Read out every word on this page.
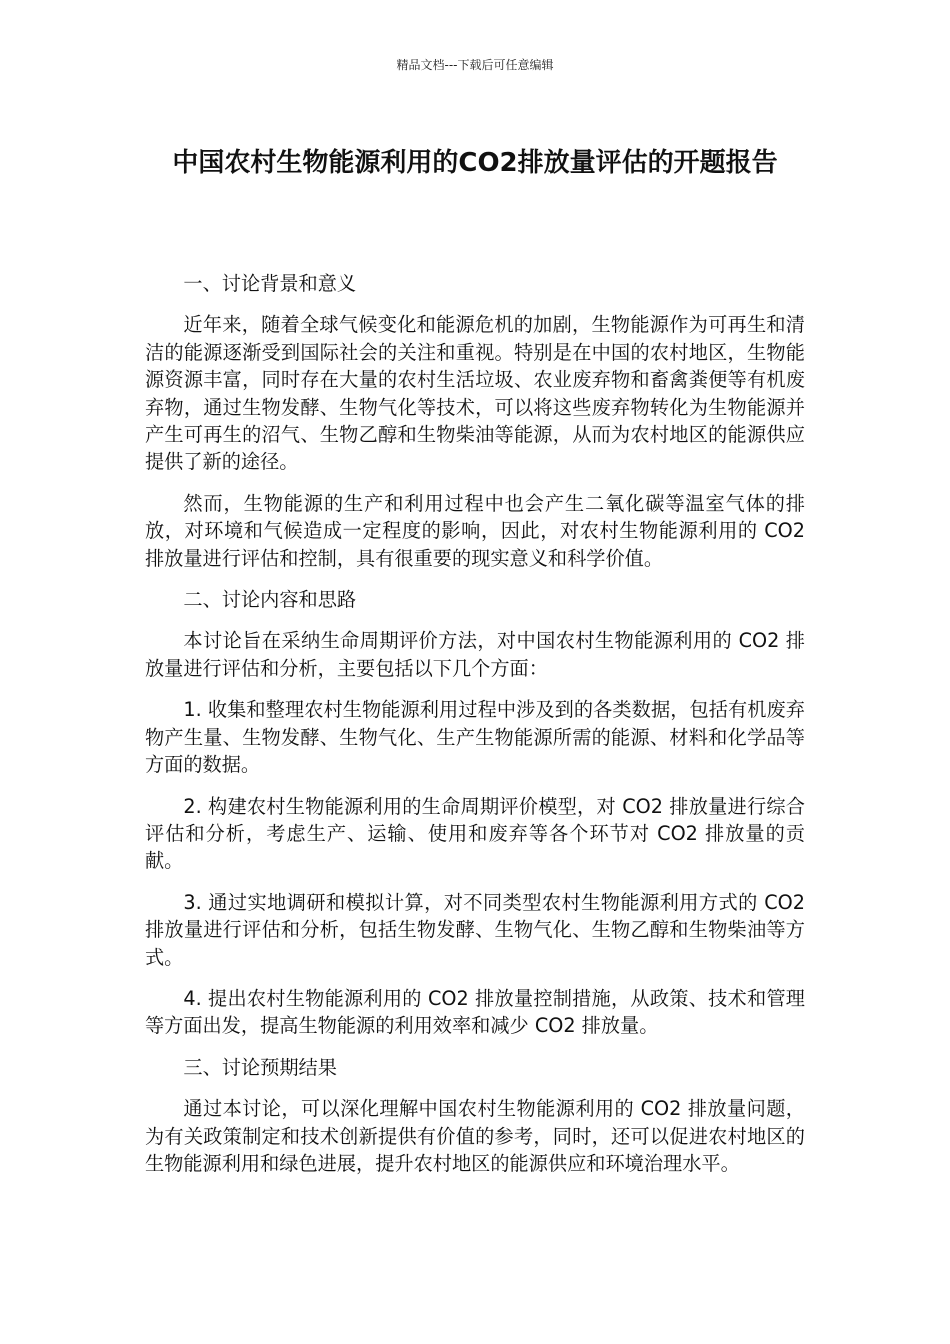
精品文档---下载后可任意编辑
中国农村生物能源利用的CO2排放量评估的开题报告

一、讨论背景和意义

近年来，随着全球气候变化和能源危机的加剧，生物能源作为可再生和清洁的能源逐渐受到国际社会的关注和重视。特别是在中国的农村地区，生物能源资源丰富，同时存在大量的农村生活垃圾、农业废弃物和畜禽粪便等有机废弃物，通过生物发酵、生物气化等技术，可以将这些废弃物转化为生物能源并产生可再生的沼气、生物乙醇和生物柴油等能源，从而为农村地区的能源供应提供了新的途径。

然而，生物能源的生产和利用过程中也会产生二氧化碳等温室气体的排放，对环境和气候造成一定程度的影响，因此，对农村生物能源利用的 CO2 排放量进行评估和控制，具有很重要的现实意义和科学价值。

二、讨论内容和思路

本讨论旨在采纳生命周期评价方法，对中国农村生物能源利用的 CO2 排放量进行评估和分析，主要包括以下几个方面：

1. 收集和整理农村生物能源利用过程中涉及到的各类数据，包括有机废弃物产生量、生物发酵、生物气化、生产生物能源所需的能源、材料和化学品等方面的数据。

2. 构建农村生物能源利用的生命周期评价模型，对 CO2 排放量进行综合评估和分析，考虑生产、运输、使用和废弃等各个环节对 CO2 排放量的贡献。

3. 通过实地调研和模拟计算，对不同类型农村生物能源利用方式的 CO2 排放量进行评估和分析，包括生物发酵、生物气化、生物乙醇和生物柴油等方式。

4. 提出农村生物能源利用的 CO2 排放量控制措施，从政策、技术和管理等方面出发，提高生物能源的利用效率和减少 CO2 排放量。

三、讨论预期结果

通过本讨论，可以深化理解中国农村生物能源利用的 CO2 排放量问题，为有关政策制定和技术创新提供有价值的参考，同时，还可以促进农村地区的生物能源利用和绿色进展，提升农村地区的能源供应和环境治理水平。
